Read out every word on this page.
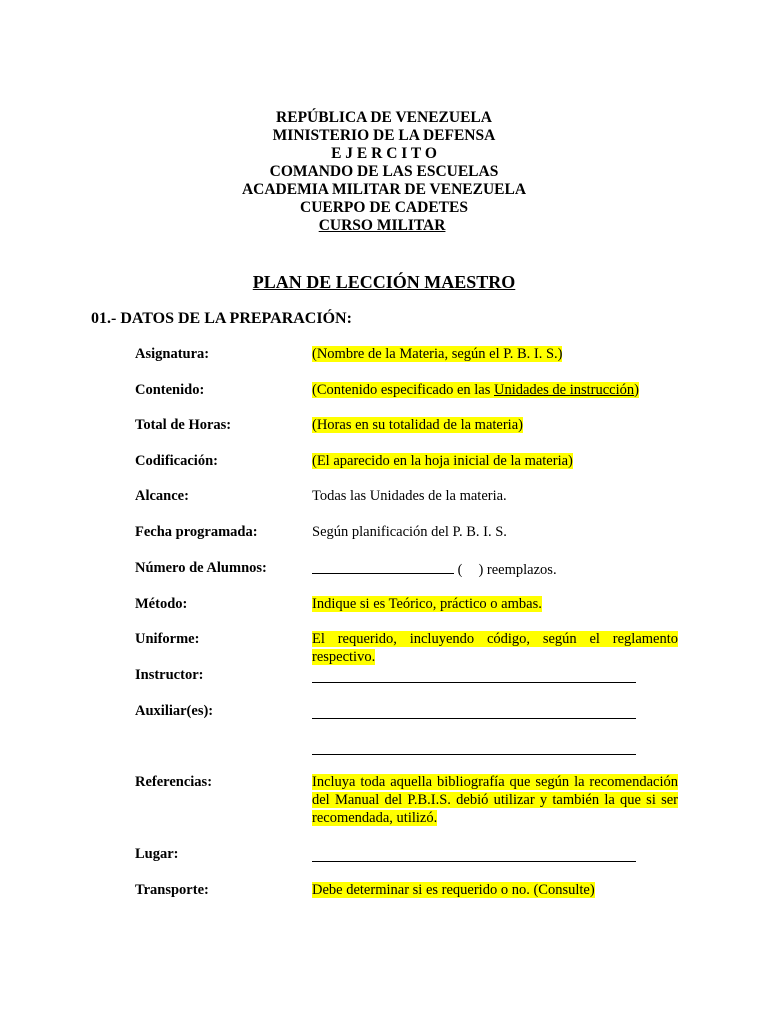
REPÚBLICA DE VENEZUELA
MINISTERIO DE LA DEFENSA
E J E R C I T O
COMANDO DE LAS ESCUELAS
ACADEMIA MILITAR DE VENEZUELA
CUERPO DE CADETES
CURSO MILITAR
PLAN DE LECCIÓN MAESTRO
01.- DATOS DE LA PREPARACIÓN:
Asignatura:	(Nombre de la Materia, según el P. B. I. S.)
Contenido:	(Contenido especificado en las Unidades de instrucción)
Total de Horas:	(Horas en su totalidad de la materia)
Codificación:	(El aparecido en la hoja inicial de la materia)
Alcance:	Todas las Unidades de la materia.
Fecha programada:	Según planificación del P. B. I. S.
Número de Alumnos:	( ) reemplazos.
Método:	Indique si es Teórico, práctico o ambas.
Uniforme:	El requerido, incluyendo código, según el reglamento respectivo.
Instructor:
Auxiliar(es):
Referencias:	Incluya toda aquella bibliografía que según la recomendación del Manual del P.B.I.S. debió utilizar y también la que si ser recomendada, utilizó.
Lugar:
Transporte:	Debe determinar si es requerido o no. (Consulte)
